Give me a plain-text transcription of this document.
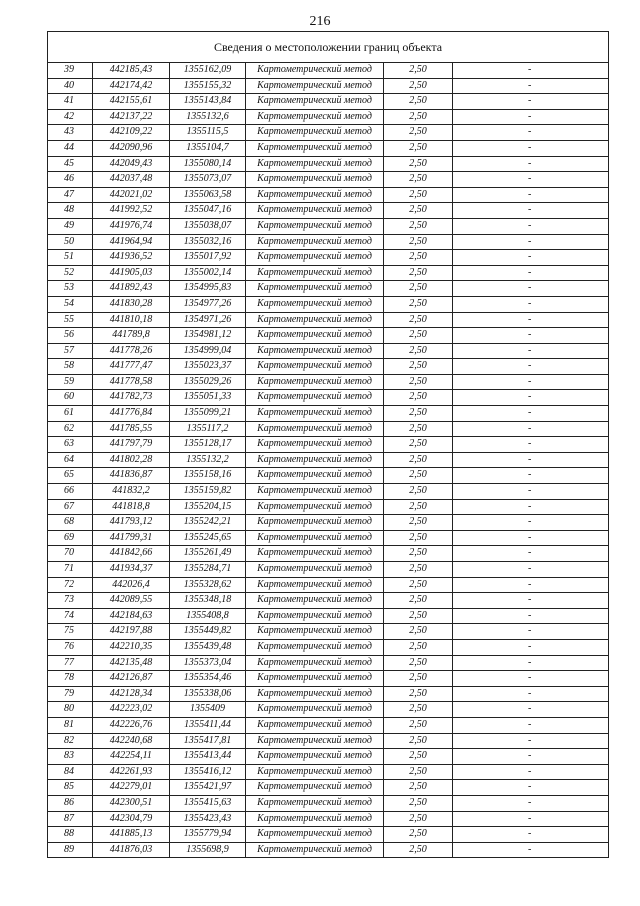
216
Сведения о местоположении границ объекта					
39	442185,43	1355162,09	Картометрический метод	2,50	-
40	442174,42	1355155,32	Картометрический метод	2,50	-
41	442155,61	1355143,84	Картометрический метод	2,50	-
42	442137,22	1355132,6	Картометрический метод	2,50	-
43	442109,22	1355115,5	Картометрический метод	2,50	-
44	442090,96	1355104,7	Картометрический метод	2,50	-
45	442049,43	1355080,14	Картометрический метод	2,50	-
46	442037,48	1355073,07	Картометрический метод	2,50	-
47	442021,02	1355063,58	Картометрический метод	2,50	-
48	441992,52	1355047,16	Картометрический метод	2,50	-
49	441976,74	1355038,07	Картометрический метод	2,50	-
50	441964,94	1355032,16	Картометрический метод	2,50	-
51	441936,52	1355017,92	Картометрический метод	2,50	-
52	441905,03	1355002,14	Картометрический метод	2,50	-
53	441892,43	1354995,83	Картометрический метод	2,50	-
54	441830,28	1354977,26	Картометрический метод	2,50	-
55	441810,18	1354971,26	Картометрический метод	2,50	-
56	441789,8	1354981,12	Картометрический метод	2,50	-
57	441778,26	1354999,04	Картометрический метод	2,50	-
58	441777,47	1355023,37	Картометрический метод	2,50	-
59	441778,58	1355029,26	Картометрический метод	2,50	-
60	441782,73	1355051,33	Картометрический метод	2,50	-
61	441776,84	1355099,21	Картометрический метод	2,50	-
62	441785,55	1355117,2	Картометрический метод	2,50	-
63	441797,79	1355128,17	Картометрический метод	2,50	-
64	441802,28	1355132,2	Картометрический метод	2,50	-
65	441836,87	1355158,16	Картометрический метод	2,50	-
66	441832,2	1355159,82	Картометрический метод	2,50	-
67	441818,8	1355204,15	Картометрический метод	2,50	-
68	441793,12	1355242,21	Картометрический метод	2,50	-
69	441799,31	1355245,65	Картометрический метод	2,50	-
70	441842,66	1355261,49	Картометрический метод	2,50	-
71	441934,37	1355284,71	Картометрический метод	2,50	-
72	442026,4	1355328,62	Картометрический метод	2,50	-
73	442089,55	1355348,18	Картометрический метод	2,50	-
74	442184,63	1355408,8	Картометрический метод	2,50	-
75	442197,88	1355449,82	Картометрический метод	2,50	-
76	442210,35	1355439,48	Картометрический метод	2,50	-
77	442135,48	1355373,04	Картометрический метод	2,50	-
78	442126,87	1355354,46	Картометрический метод	2,50	-
79	442128,34	1355338,06	Картометрический метод	2,50	-
80	442223,02	1355409	Картометрический метод	2,50	-
81	442226,76	1355411,44	Картометрический метод	2,50	-
82	442240,68	1355417,81	Картометрический метод	2,50	-
83	442254,11	1355413,44	Картометрический метод	2,50	-
84	442261,93	1355416,12	Картометрический метод	2,50	-
85	442279,01	1355421,97	Картометрический метод	2,50	-
86	442300,51	1355415,63	Картометрический метод	2,50	-
87	442304,79	1355423,43	Картометрический метод	2,50	-
88	441885,13	1355779,94	Картометрический метод	2,50	-
89	441876,03	1355698,9	Картометрический метод	2,50	-
